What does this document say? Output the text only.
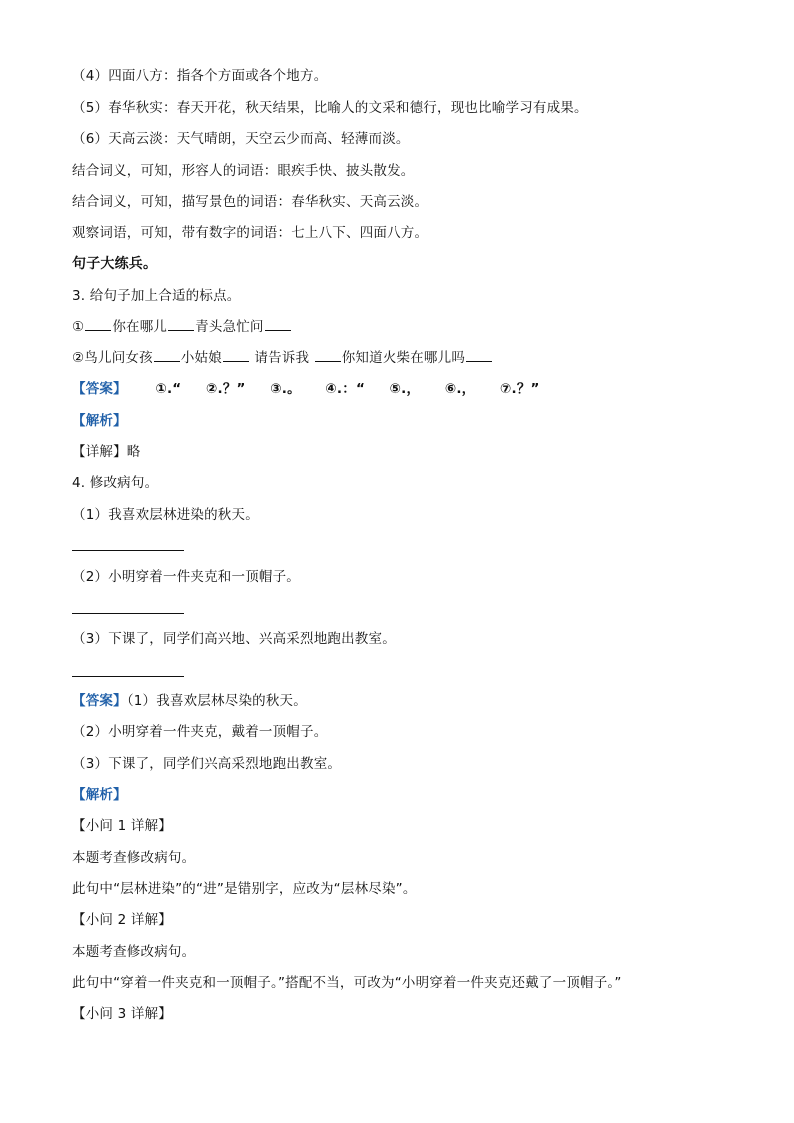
（4）四面八方：指各个方面或各个地方。
（5）春华秋实：春天开花，秋天结果，比喻人的文采和德行，现也比喻学习有成果。
（6）天高云淡：天气晴朗，天空云少而高、轻薄而淡。
结合词义，可知，形容人的词语：眼疾手快、披头散发。
结合词义，可知，描写景色的词语：春华秋实、天高云淡。
观察词语，可知，带有数字的词语：七上八下、四面八方。
句子大练兵。
3. 给句子加上合适的标点。
① 你在哪儿 青头急忙问
②鸟儿问女孩 小姑娘 请告诉我 你知道火柴在哪儿吗
【答案】 ①.“ ②.？” ③.。 ④.：“ ⑤.， ⑥.， ⑦.？”
【解析】
【详解】略
4. 修改病句。
（1）我喜欢层林进染的秋天。
（2）小明穿着一件夹克和一顶帽子。
（3）下课了，同学们高兴地、兴高采烈地跑出教室。
【答案】（1）我喜欢层林尽染的秋天。
（2）小明穿着一件夹克，戴着一顶帽子。
（3）下课了，同学们兴高采烈地跑出教室。
【解析】
【小问 1 详解】
本题考查修改病句。
此句中“层林进染”的“进”是错别字，应改为“层林尽染”。
【小问 2 详解】
本题考查修改病句。
此句中“穿着一件夹克和一顶帽子。”搭配不当，可改为“小明穿着一件夹克还戴了一顶帽子。”
【小问 3 详解】
